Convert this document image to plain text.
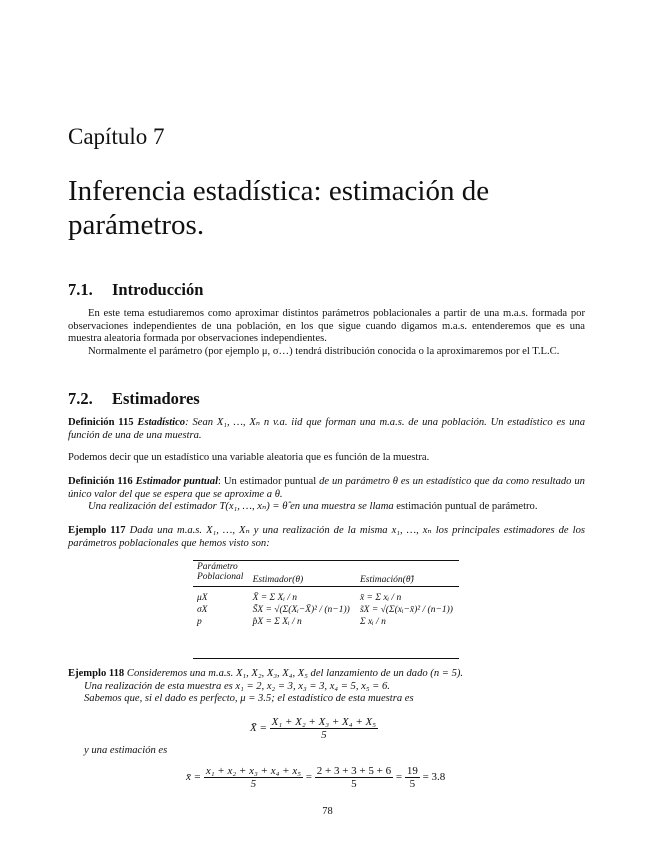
Capítulo 7
Inferencia estadística: estimación de parámetros.
7.1. Introducción
En este tema estudiaremos como aproximar distintos parámetros poblacionales a partir de una m.a.s. formada por observaciones independientes de una población, en los que sigue cuando digamos m.a.s. entenderemos que es una muestra aleatoria formada por observaciones independientes.
Normalmente el parámetro (por ejemplo μ, σ…) tendrá distribución conocida o la aproximaremos por el T.L.C.
7.2. Estimadores
Definición 115 Estadístico: Sean X₁, …, Xₙ n v.a. iid que forman una m.a.s. de una población. Un estadístico es una función de una de una muestra.
Podemos decir que un estadístico una variable aleatoria que es función de la muestra.
Definición 116 Estimador puntual: Un estimador puntual de un parámetro θ es un estadístico que da como resultado un único valor del que se espera que se aproxime a θ.
Una realización del estimador T(x₁, …, xₙ) = θ̂ en una muestra se llama estimación puntual de parámetro.
Ejemplo 117 Dada una m.a.s. X₁, …, Xₙ y una realización de la misma x₁, …, xₙ los principales estimadores de los parámetros poblacionales que hemos visto son:
Parámetro
Poblacional	Estimador(θ)	Estimación(θ̂)
μX	X̄ = Σ Xᵢ / n	x̄ = Σ xᵢ / n
σX	S̃X = √(Σ(Xᵢ−X̄)² / (n−1))	s̃X = √(Σ(xᵢ−x̄)² / (n−1))
p	p̂X = Σ Xᵢ / n	Σ xᵢ / n
Ejemplo 118 Consideremos una m.a.s. X₁, X₂, X₃, X₄, X₅ del lanzamiento de un dado (n = 5).
Una realización de esta muestra es x₁ = 2, x₂ = 3, x₃ = 3, x₄ = 5, x₅ = 6.
Sabemos que, si el dado es perfecto, μ = 3.5; el estadístico de esta muestra es
X̄ = $\frac{\text{X₁ + X₂ + X₃ + X₄ + X₅}}{5}$
y una estimación es
x̄ = $\frac{\text{x₁ + x₂ + x₃ + x₄ + x₅}}{5} = \frac{2 + 3 + 3 + 5 + 6}{5} = \frac{19}{5} = 3.8$
78
